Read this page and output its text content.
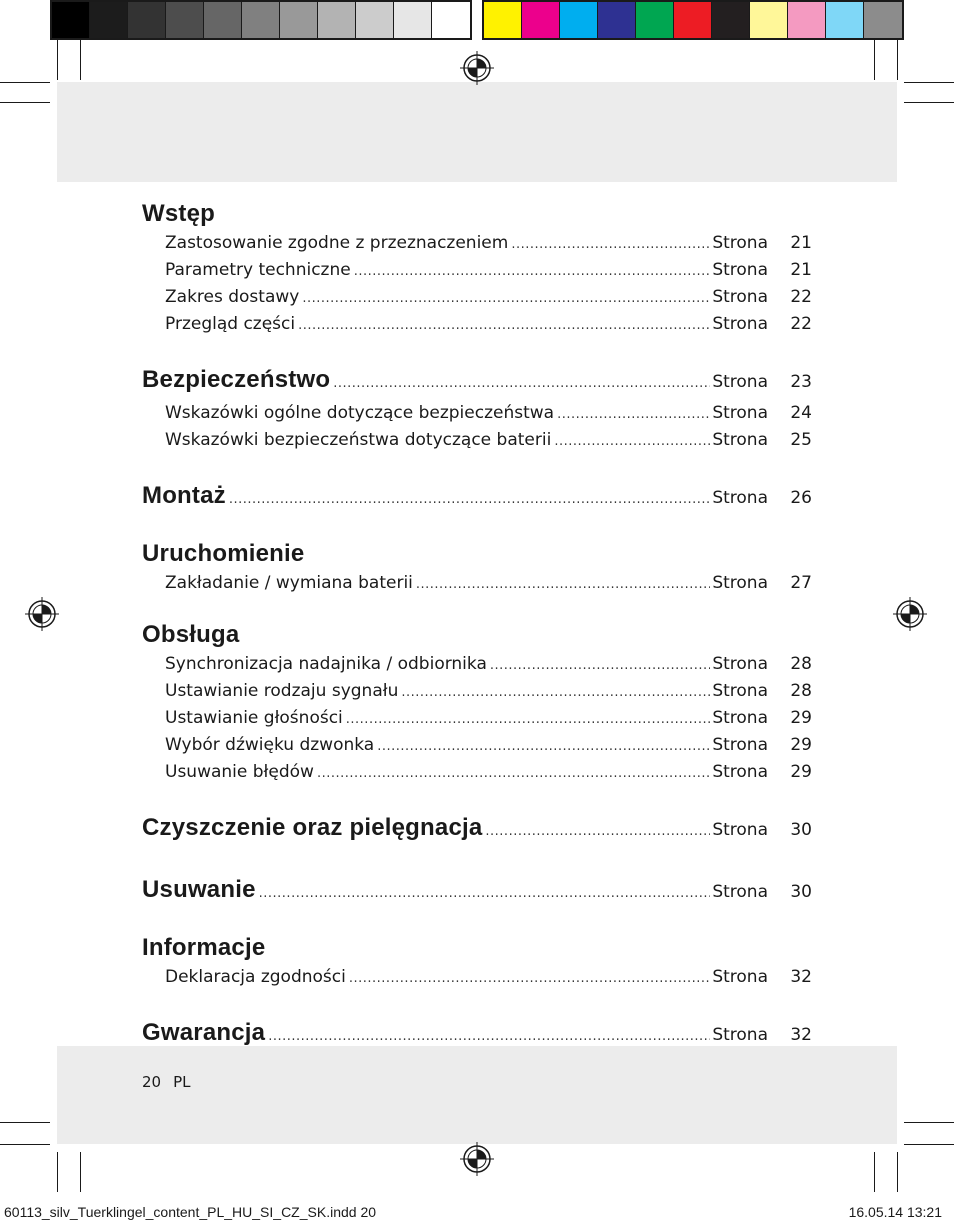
Wstęp
Zastosowanie zgodne z przeznaczeniem .....	Strona	21
Parametry techniczne .....	Strona	21
Zakres dostawy .....	Strona	22
Przegląd części .....	Strona	22
Bezpieczeństwo .....	Strona	23
Wskazówki ogólne dotyczące bezpieczeństwa .....	Strona	24
Wskazówki bezpieczeństwa dotyczące baterii .....	Strona	25
Montaż .....	Strona	26
Uruchomienie
Zakładanie / wymiana baterii .....	Strona	27
Obsługa
Synchronizacja nadajnika / odbiornika .....	Strona	28
Ustawianie rodzaju sygnału .....	Strona	28
Ustawianie głośności .....	Strona	29
Wybór dźwięku dzwonka .....	Strona	29
Usuwanie błędów .....	Strona	29
Czyszczenie oraz pielęgnacja .....	Strona	30
Usuwanie .....	Strona	30
Informacje
Deklaracja zgodności .....	Strona	32
Gwarancja .....	Strona	32
20 PL
60113_silv_Tuerklingel_content_PL_HU_SI_CZ_SK.indd 20	16.05.14 13:21
